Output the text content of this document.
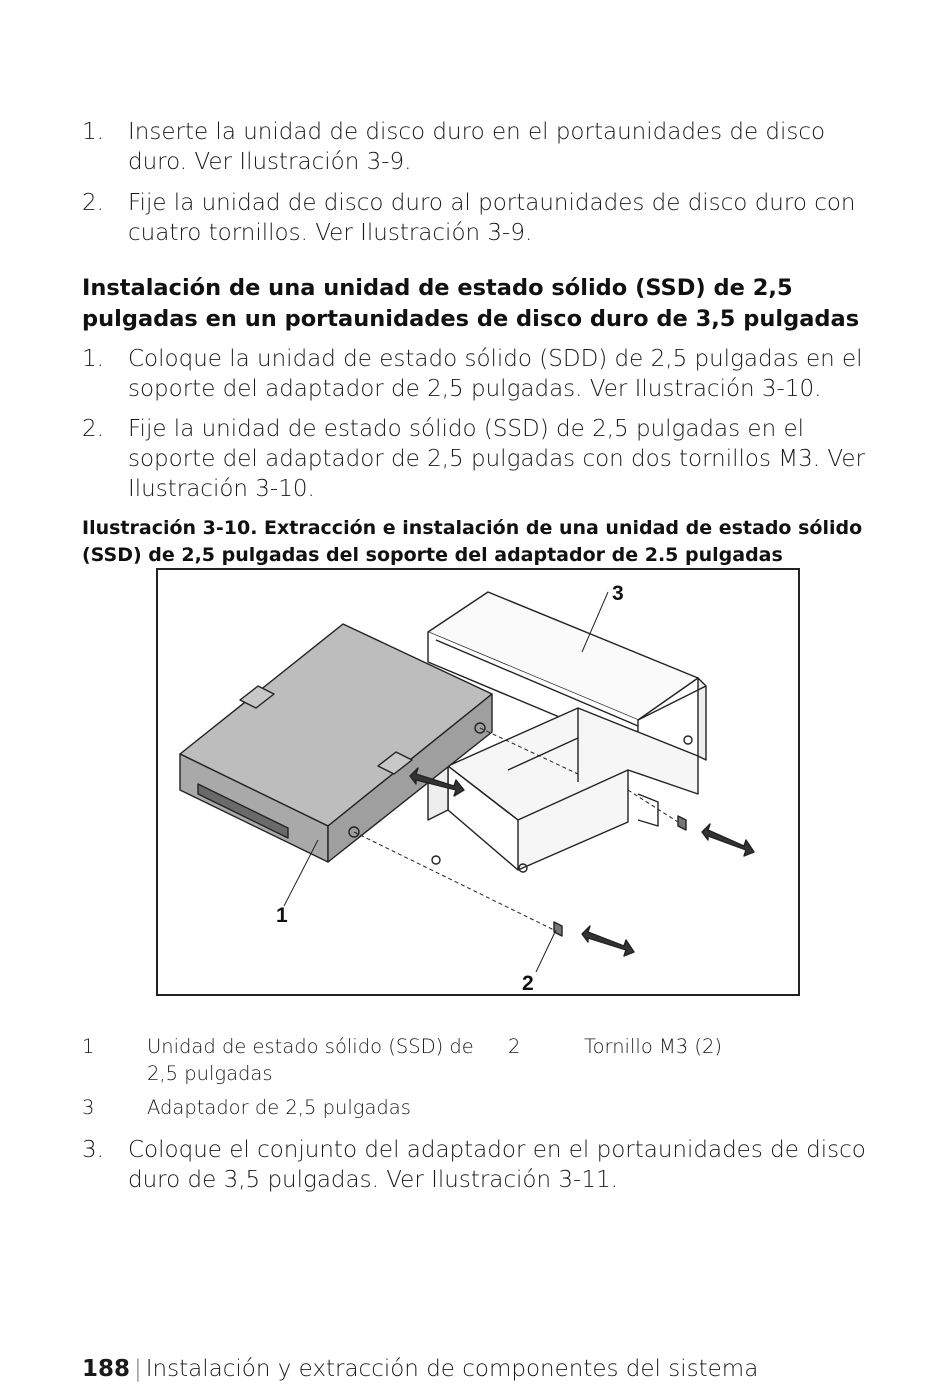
1. Inserte la unidad de disco duro en el portaunidades de disco duro. Ver Ilustración 3-9.
2. Fije la unidad de disco duro al portaunidades de disco duro con cuatro tornillos. Ver Ilustración 3-9.
Instalación de una unidad de estado sólido (SSD) de 2,5 pulgadas en un portaunidades de disco duro de 3,5 pulgadas
1. Coloque la unidad de estado sólido (SDD) de 2,5 pulgadas en el soporte del adaptador de 2,5 pulgadas. Ver Ilustración 3-10.
2. Fije la unidad de estado sólido (SSD) de 2,5 pulgadas en el soporte del adaptador de 2,5 pulgadas con dos tornillos M3. Ver Ilustración 3-10.
Ilustración 3-10. Extracción e instalación de una unidad de estado sólido (SSD) de 2,5 pulgadas del soporte del adaptador de 2.5 pulgadas
3
1
2
1	Unidad de estado sólido (SSD) de 2,5 pulgadas
2	Tornillo M3 (2)
3	Adaptador de 2,5 pulgadas
3. Coloque el conjunto del adaptador en el portaunidades de disco duro de 3,5 pulgadas. Ver Ilustración 3-11.
188 | Instalación y extracción de componentes del sistema
